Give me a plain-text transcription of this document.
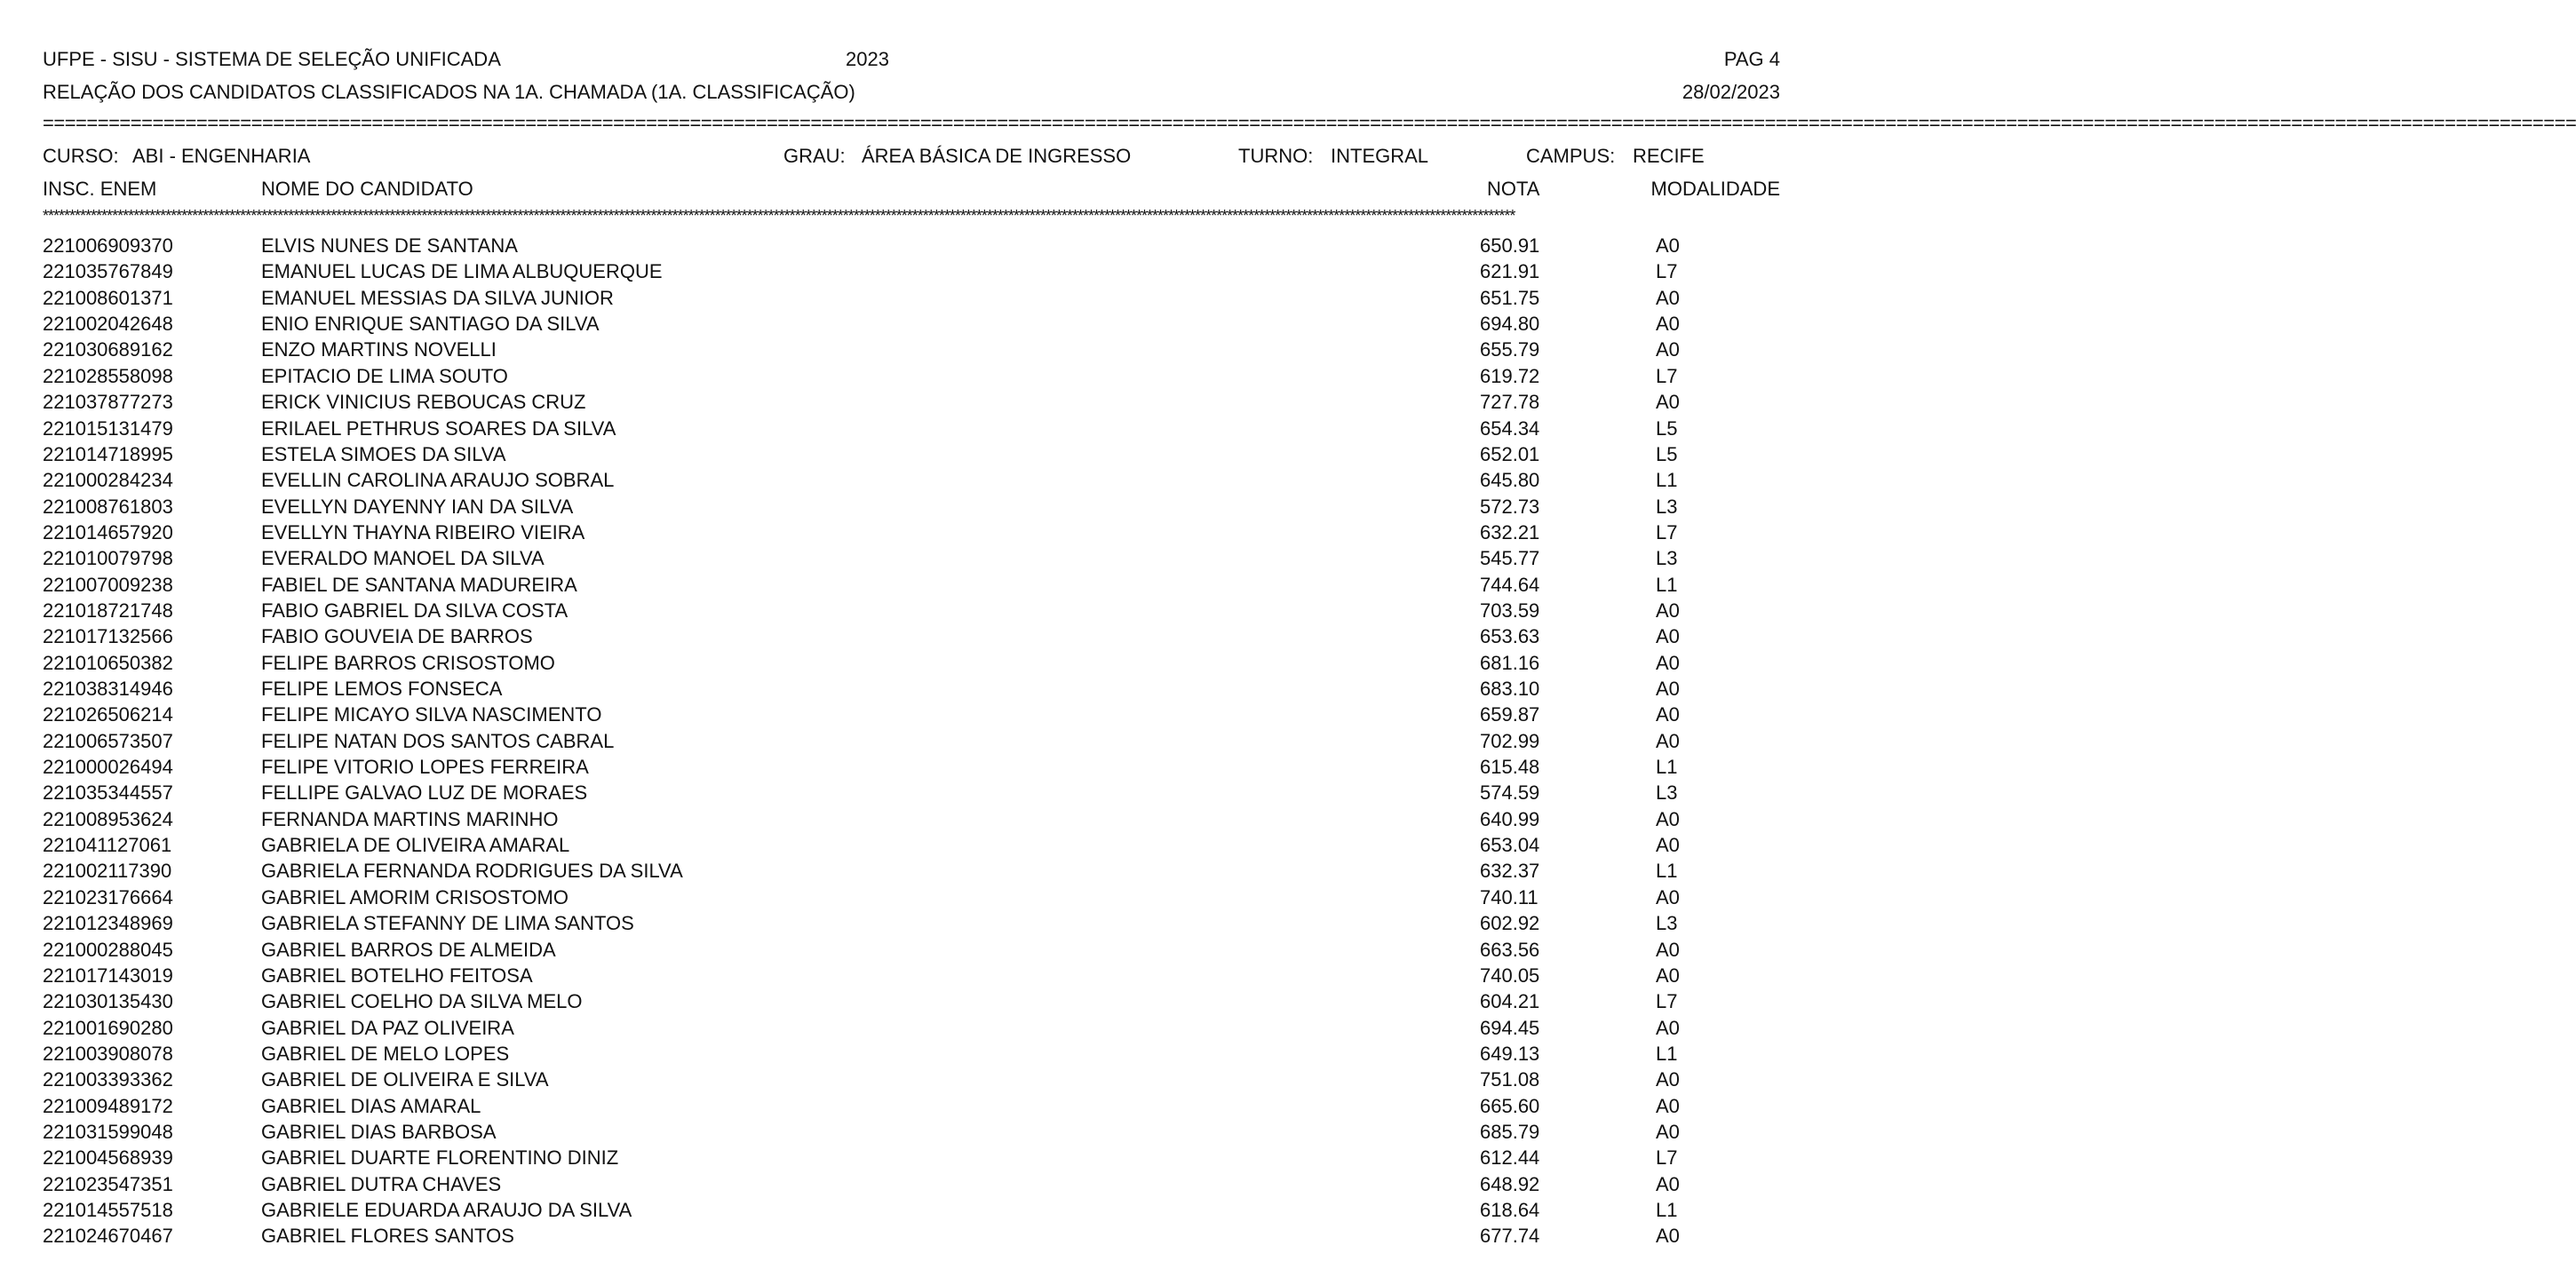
UFPE - SISU - SISTEMA DE SELEÇÃO UNIFICADA	2023	PAG 4
RELAÇÃO DOS CANDIDATOS CLASSIFICADOS NA 1A. CHAMADA (1A. CLASSIFICAÇÃO)	28/02/2023
=======================================================================================================================================================================================================================================
CURSO: ABI - ENGENHARIA	GRAU: ÁREA BÁSICA DE INGRESSO	TURNO: INTEGRAL	CAMPUS: RECIFE
INSC. ENEM	NOME DO CANDIDATO	NOTA	MODALIDADE
************************************************************************************************************************************************************************************************************************************************************************************
221006909370	ELVIS NUNES DE SANTANA	650.91	A0
221035767849	EMANUEL LUCAS DE LIMA ALBUQUERQUE	621.91	L7
221008601371	EMANUEL MESSIAS DA SILVA JUNIOR	651.75	A0
221002042648	ENIO ENRIQUE SANTIAGO DA SILVA	694.80	A0
221030689162	ENZO MARTINS NOVELLI	655.79	A0
221028558098	EPITACIO DE LIMA SOUTO	619.72	L7
221037877273	ERICK VINICIUS REBOUCAS CRUZ	727.78	A0
221015131479	ERILAEL PETHRUS SOARES DA SILVA	654.34	L5
221014718995	ESTELA SIMOES DA SILVA	652.01	L5
221000284234	EVELLIN CAROLINA ARAUJO SOBRAL	645.80	L1
221008761803	EVELLYN DAYENNY IAN DA SILVA	572.73	L3
221014657920	EVELLYN THAYNA RIBEIRO VIEIRA	632.21	L7
221010079798	EVERALDO MANOEL DA SILVA	545.77	L3
221007009238	FABIEL DE SANTANA MADUREIRA	744.64	L1
221018721748	FABIO GABRIEL DA SILVA COSTA	703.59	A0
221017132566	FABIO GOUVEIA DE BARROS	653.63	A0
221010650382	FELIPE BARROS CRISOSTOMO	681.16	A0
221038314946	FELIPE LEMOS FONSECA	683.10	A0
221026506214	FELIPE MICAYO SILVA NASCIMENTO	659.87	A0
221006573507	FELIPE NATAN DOS SANTOS CABRAL	702.99	A0
221000026494	FELIPE VITORIO LOPES FERREIRA	615.48	L1
221035344557	FELLIPE GALVAO LUZ DE MORAES	574.59	L3
221008953624	FERNANDA MARTINS MARINHO	640.99	A0
221041127061	GABRIELA DE OLIVEIRA AMARAL	653.04	A0
221002117390	GABRIELA FERNANDA RODRIGUES DA SILVA	632.37	L1
221023176664	GABRIEL AMORIM CRISOSTOMO	740.11	A0
221012348969	GABRIELA STEFANNY DE LIMA SANTOS	602.92	L3
221000288045	GABRIEL BARROS DE ALMEIDA	663.56	A0
221017143019	GABRIEL BOTELHO FEITOSA	740.05	A0
221030135430	GABRIEL COELHO DA SILVA MELO	604.21	L7
221001690280	GABRIEL DA PAZ OLIVEIRA	694.45	A0
221003908078	GABRIEL DE MELO LOPES	649.13	L1
221003393362	GABRIEL DE OLIVEIRA E SILVA	751.08	A0
221009489172	GABRIEL DIAS AMARAL	665.60	A0
221031599048	GABRIEL DIAS BARBOSA	685.79	A0
221004568939	GABRIEL DUARTE FLORENTINO DINIZ	612.44	L7
221023547351	GABRIEL DUTRA CHAVES	648.92	A0
221014557518	GABRIELE EDUARDA ARAUJO DA SILVA	618.64	L1
221024670467	GABRIEL FLORES SANTOS	677.74	A0
